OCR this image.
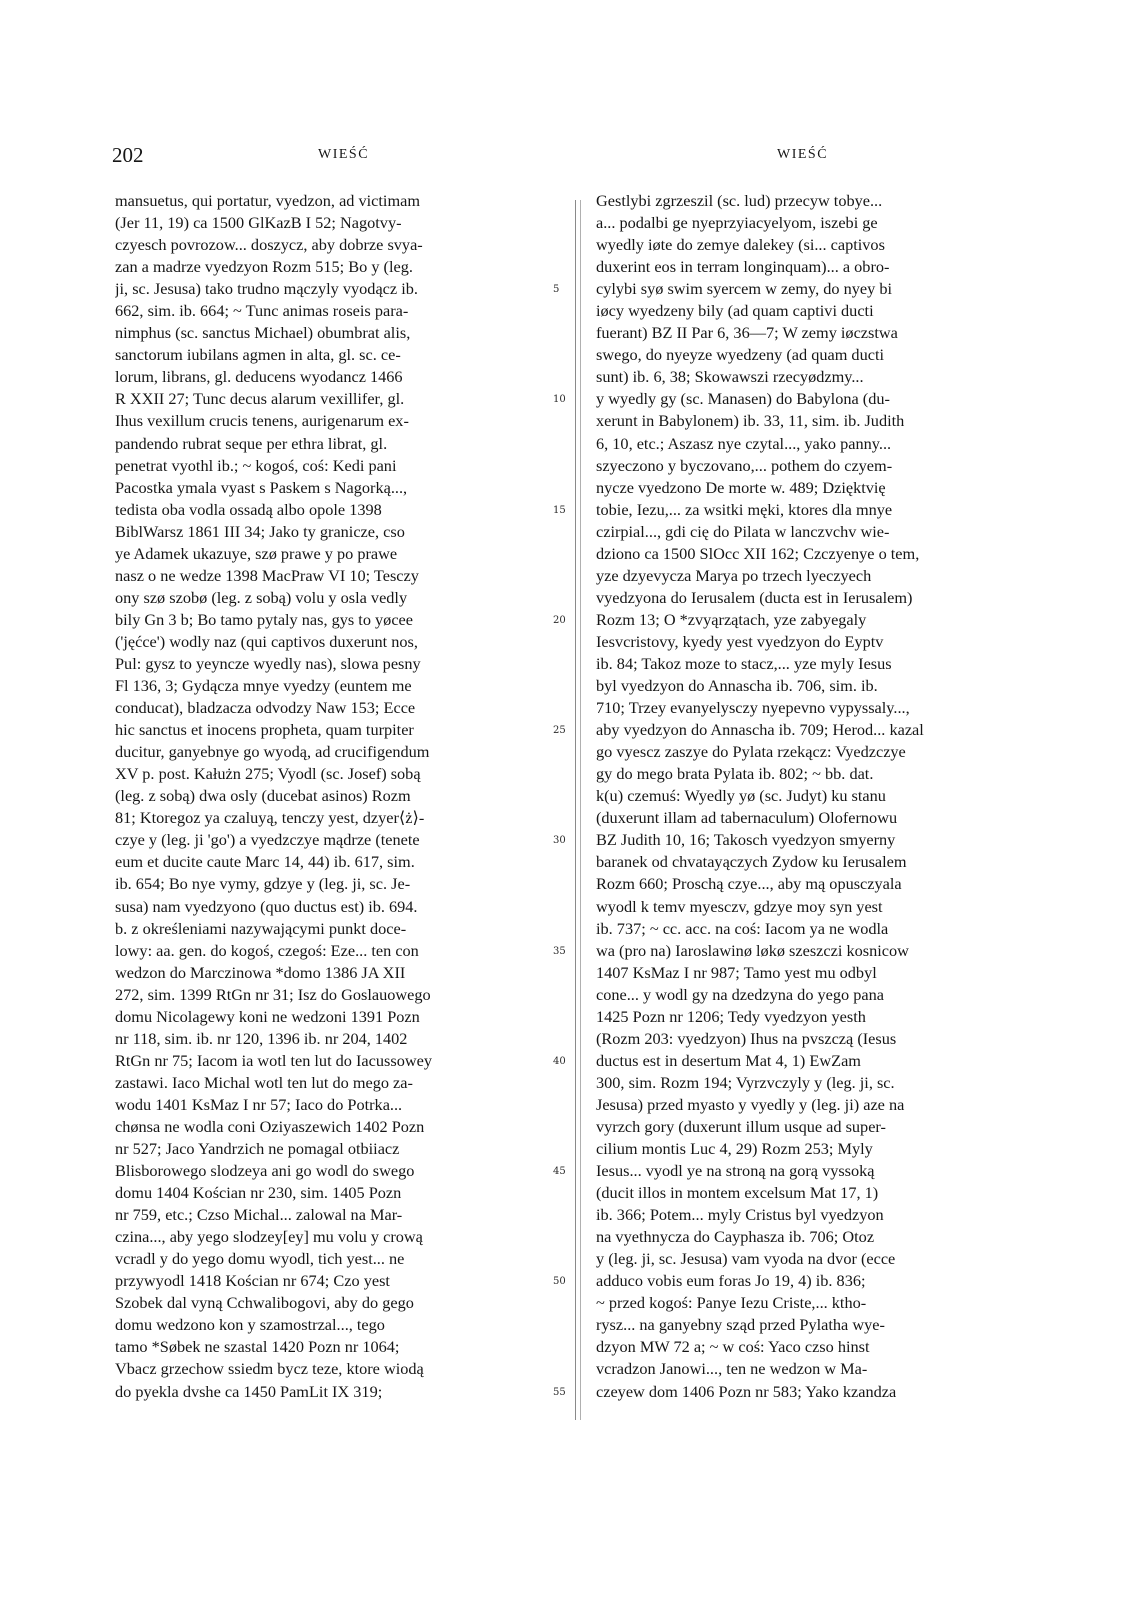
202	WIEŚĆ	WIEŚĆ
mansuetus, qui portatur, vyedzon, ad victimam
(Jer 11, 19) ca 1500 GlKazB I 52; Nagotvy-
czyesch povrozow... doszycz, aby dobrze svya-
zan a madrze vyedzyon Rozm 515; Bo y (leg.
ji, sc. Jesusa) tako trudno mączyly vyodącz ib.
662, sim. ib. 664; ~ Tunc animas roseis para-
nimphus (sc. sanctus Michael) obumbrat alis,
sanctorum iubilans agmen in alta, gl. sc. ce-
lorum, librans, gl. deducens wyodancz 1466
R XXII 27; Tunc decus alarum vexillifer, gl.
Ihus vexillum crucis tenens, aurigenarum ex-
pandendo rubrat seque per ethra librat, gl.
penetrat vyothl ib.; ~ kogoś, coś: Kedi pani
Pacostka ymala vyast s Paskem s Nagorką...,
tedista oba vodla ossadą albo opole 1398
BiblWarsz 1861 III 34; Jako ty granicze, cso
ye Adamek ukazuye, szø prawe y po prawe
nasz o ne wedze 1398 MacPraw VI 10; Tesczy
ony szø szobø (leg. z sobą) volu y osla vedly
bily Gn 3 b; Bo tamo pytaly nas, gys to yøcee
('jęćce') wodly naz (qui captivos duxerunt nos,
Pul: gysz to yeyncze wyedly nas), slowa pesny
Fl 136, 3; Gydącza mnye vyedzy (euntem me
conducat), bladzacza odvodzy Naw 153; Ecce
hic sanctus et inocens propheta, quam turpiter
ducitur, ganyebnye go wyodą, ad crucifigendum
XV p. post. Kałużn 275; Vyodl (sc. Josef) sobą
(leg. z sobą) dwa osly (ducebat asinos) Rozm
81; Ktoregoz ya czaluyą, tenczy yest, dzyer⟨ż⟩-
czye y (leg. ji 'go') a vyedzczye mądrze (tenete
eum et ducite caute Marc 14, 44) ib. 617, sim.
ib. 654; Bo nye vymy, gdzye y (leg. ji, sc. Je-
susa) nam vyedzyono (quo ductus est) ib. 694.
b. z określeniami nazywającymi punkt doce-
lowy: aa. gen. do kogoś, czegoś: Eze... ten con
wedzon do Marczinowa *domo 1386 JA XII
272, sim. 1399 RtGn nr 31; Isz do Goslauowego
domu Nicolagewy koni ne wedzoni 1391 Pozn
nr 118, sim. ib. nr 120, 1396 ib. nr 204, 1402
RtGn nr 75; Iacom ia wotl ten lut do Iacussowey
zastawi. Iaco Michal wotl ten lut do mego za-
wodu 1401 KsMaz I nr 57; Iaco do Potrka...
chønsa ne wodla coni Oziyaszewich 1402 Pozn
nr 527; Jaco Yandrzich ne pomagal otbiiacz
Blisborowego slodzeya ani go wodl do swego
domu 1404 Kościan nr 230, sim. 1405 Pozn
nr 759, etc.; Czso Michal... zalowal na Mar-
czina..., aby yego slodzey[ey] mu volu y crową
vcradl y do yego domu wyodl, tich yest... ne
przywyodl 1418 Kościan nr 674; Czo yest
Szobek dal vyną Cchwalibogovi, aby do gego
domu wedzono kon y szamostrzal..., tego
tamo *Søbek ne szastal 1420 Pozn nr 1064;
Vbacz grzechow ssiedm bycz teze, ktore wiodą
do pyekla dvshe ca 1450 PamLit IX 319;
5
10
15
20
25
30
35
40
45
50
55
Gestlybi zgrzeszil (sc. lud) przecyw tobye...
a... podalbi ge nyeprzyiacyelyom, iszebi ge
wyedly iøte do zemye dalekey (si... captivos
duxerint eos in terram longinquam)... a obro-
cylybi syø swim syercem w zemy, do nyey bi
iøcy wyedzeny bily (ad quam captivi ducti
fuerant) BZ II Par 6, 36—7; W zemy iøczstwa
swego, do nyeyze wyedzeny (ad quam ducti
sunt) ib. 6, 38; Skowawszi rzecyødzmy...
y wyedly gy (sc. Manasen) do Babylona (du-
xerunt in Babylonem) ib. 33, 11, sim. ib. Judith
6, 10, etc.; Aszasz nye czytal..., yako panny...
szyeczono y byczovano,... pothem do czyem-
nycze vyedzono De morte w. 489; Dzięktvię
tobie, Iezu,... za wsitki męki, ktores dla mnye
czirpial..., gdi cię do Pilata w lanczvchv wie-
dziono ca 1500 SlOcc XII 162; Czczyenye o tem,
yze dzyevycza Marya po trzech lyeczyech
vyedzyona do Ierusalem (ducta est in Ierusalem)
Rozm 13; O *zvyąrzątach, yze zabyegaly
Iesvcristovy, kyedy yest vyedzyon do Eyptv
ib. 84; Takoz moze to stacz,... yze myly Iesus
byl vyedzyon do Annascha ib. 706, sim. ib.
710; Trzey evanyelysczy nyepevno vypyssaly...,
aby vyedzyon do Annascha ib. 709; Herod... kazal
go vyescz zaszye do Pylata rzekącz: Vyedzczye
gy do mego brata Pylata ib. 802; ~ bb. dat.
k(u) czemuś: Wyedly yø (sc. Judyt) ku stanu
(duxerunt illam ad tabernaculum) Olofernowu
BZ Judith 10, 16; Takosch vyedzyon smyerny
baranek od chvatayączych Zydow ku Ierusalem
Rozm 660; Proschą czye..., aby mą opusczyala
wyodl k temv myesczv, gdzye moy syn yest
ib. 737; ~ cc. acc. na coś: Iacom ya ne wodla
wa (pro na) Iaroslawinø løkø szeszczi kosnicow
1407 KsMaz I nr 987; Tamo yest mu odbyl
cone... y wodl gy na dzedzyna do yego pana
1425 Pozn nr 1206; Tedy vyedzyon yesth
(Rozm 203: vyedzyon) Ihus na pvszczą (Iesus
ductus est in desertum Mat 4, 1) EwZam
300, sim. Rozm 194; Vyrzvczyly y (leg. ji, sc.
Jesusa) przed myasto y vyedly y (leg. ji) aze na
vyrzch gory (duxerunt illum usque ad super-
cilium montis Luc 4, 29) Rozm 253; Myly
Iesus... vyodl ye na stroną na gorą vyssoką
(ducit illos in montem excelsum Mat 17, 1)
ib. 366; Potem... myly Cristus byl vyedzyon
na vyethnycza do Cayphasza ib. 706; Otoz
y (leg. ji, sc. Jesusa) vam vyoda na dvor (ecce
adduco vobis eum foras Jo 19, 4) ib. 836;
~ przed kogoś: Panye Iezu Criste,... ktho-
rysz... na ganyebny sząd przed Pylatha wye-
dzyon MW 72 a; ~ w coś: Yaco czso hinst
vcradzon Janowi..., ten ne wedzon w Ma-
czeyew dom 1406 Pozn nr 583; Yako kzandza
